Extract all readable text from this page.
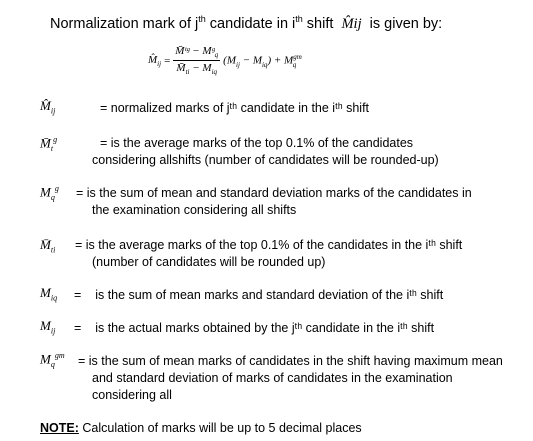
Normalization mark of $j^{th}$ candidate in $i^{th}$ shift  M̂ij  is given by:
$M̂_{ij} = \frac{M̄ᵗᵍ - Mᵍ_q}{M̄_{ti} - M_{iq}} (M_{ij} - M_{iq}) + M^{gm}_q$
$M̂_{ij}$	= normalized marks of jᵗʰ candidate in the iᵗʰ shift
$M̄_t^g$	= is the average marks of the top 0.1% of the candidates
considering allshifts (number of candidates will be rounded-up)
$M_q^g$ = is the sum of mean and standard deviation marks of the candidates in
the examination considering all shifts
$M̄_{ti}$ = is the average marks of the top 0.1% of the candidates in the iᵗʰ shift
(number of candidates will be rounded up)
$M_{iq}$ =    is the sum of mean marks and standard deviation of the iᵗʰ shift
$M_{ij}$ =    is the actual marks obtained by the jᵗʰ candidate in the iᵗʰ shift
$M_q^{gm}$ = is the sum of mean marks of candidates in the shift having maximum mean
and standard deviation of marks of candidates in the examination
considering all
NOTE: Calculation of marks will be up to 5 decimal places
